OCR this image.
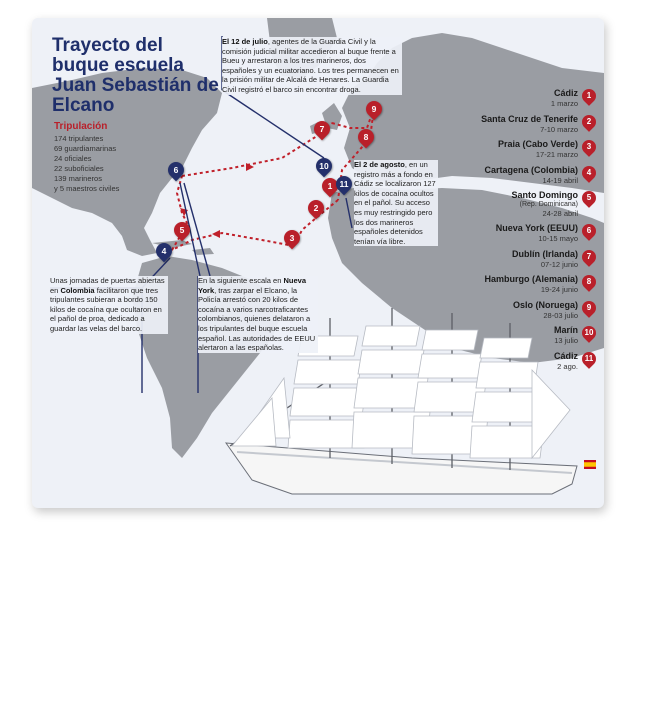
1
2
3
4
5
6
7
8
9
10
11
Trayecto del buque escuela Juan Sebastián de Elcano
Tripulación
174 tripulantes
69 guardiamarinas
24 oficiales
22 suboficiales
139 marineros
y 5 maestros civiles
El 12 de julio, agentes de la Guardia Civil y la comisión judicial militar accedieron al buque frente a Bueu y arrestaron a los tres marineros, dos españoles y un ecuatoriano. Los tres permanecen en la prisión militar de Alcalá de Henares. La Guardia Civil registró el barco sin encontrar droga.
El 2 de agosto, en un registro más a fondo en Cádiz se localizaron 127 kilos de cocaína ocultos en el pañol. Su acceso es muy restringido pero los dos marineros españoles detenidos tenían vía libre.
Unas jornadas de puertas abiertas en Colombia facilitaron que tres tripulantes subieran a bordo 150 kilos de cocaína que ocultaron en el pañol de proa, dedicado a guardar las velas del barco.
En la siguiente escala en Nueva York, tras zarpar el Elcano, la Policía arrestó con 20 kilos de cocaína a varios narcotraficantes colombianos, quienes delataron a los tripulantes del buque escuela español. Las autoridades de EEUU alertaron a las españolas.
Cádiz
1 marzo
1
Santa Cruz de Tenerife
7-10 marzo
2
Praia (Cabo Verde)
17-21 marzo
3
Cartagena (Colombia)
14-19 abril
4
Santo Domingo
(Rep. Dominicana)
24-28 abril
5
Nueva York (EEUU)
10-15 mayo
6
Dublín (Irlanda)
07-12 junio
7
Hamburgo (Alemania)
19-24 junio
8
Oslo (Noruega)
28-03 julio
9
Marín
13 julio
10
Cádiz
2 ago.
11
